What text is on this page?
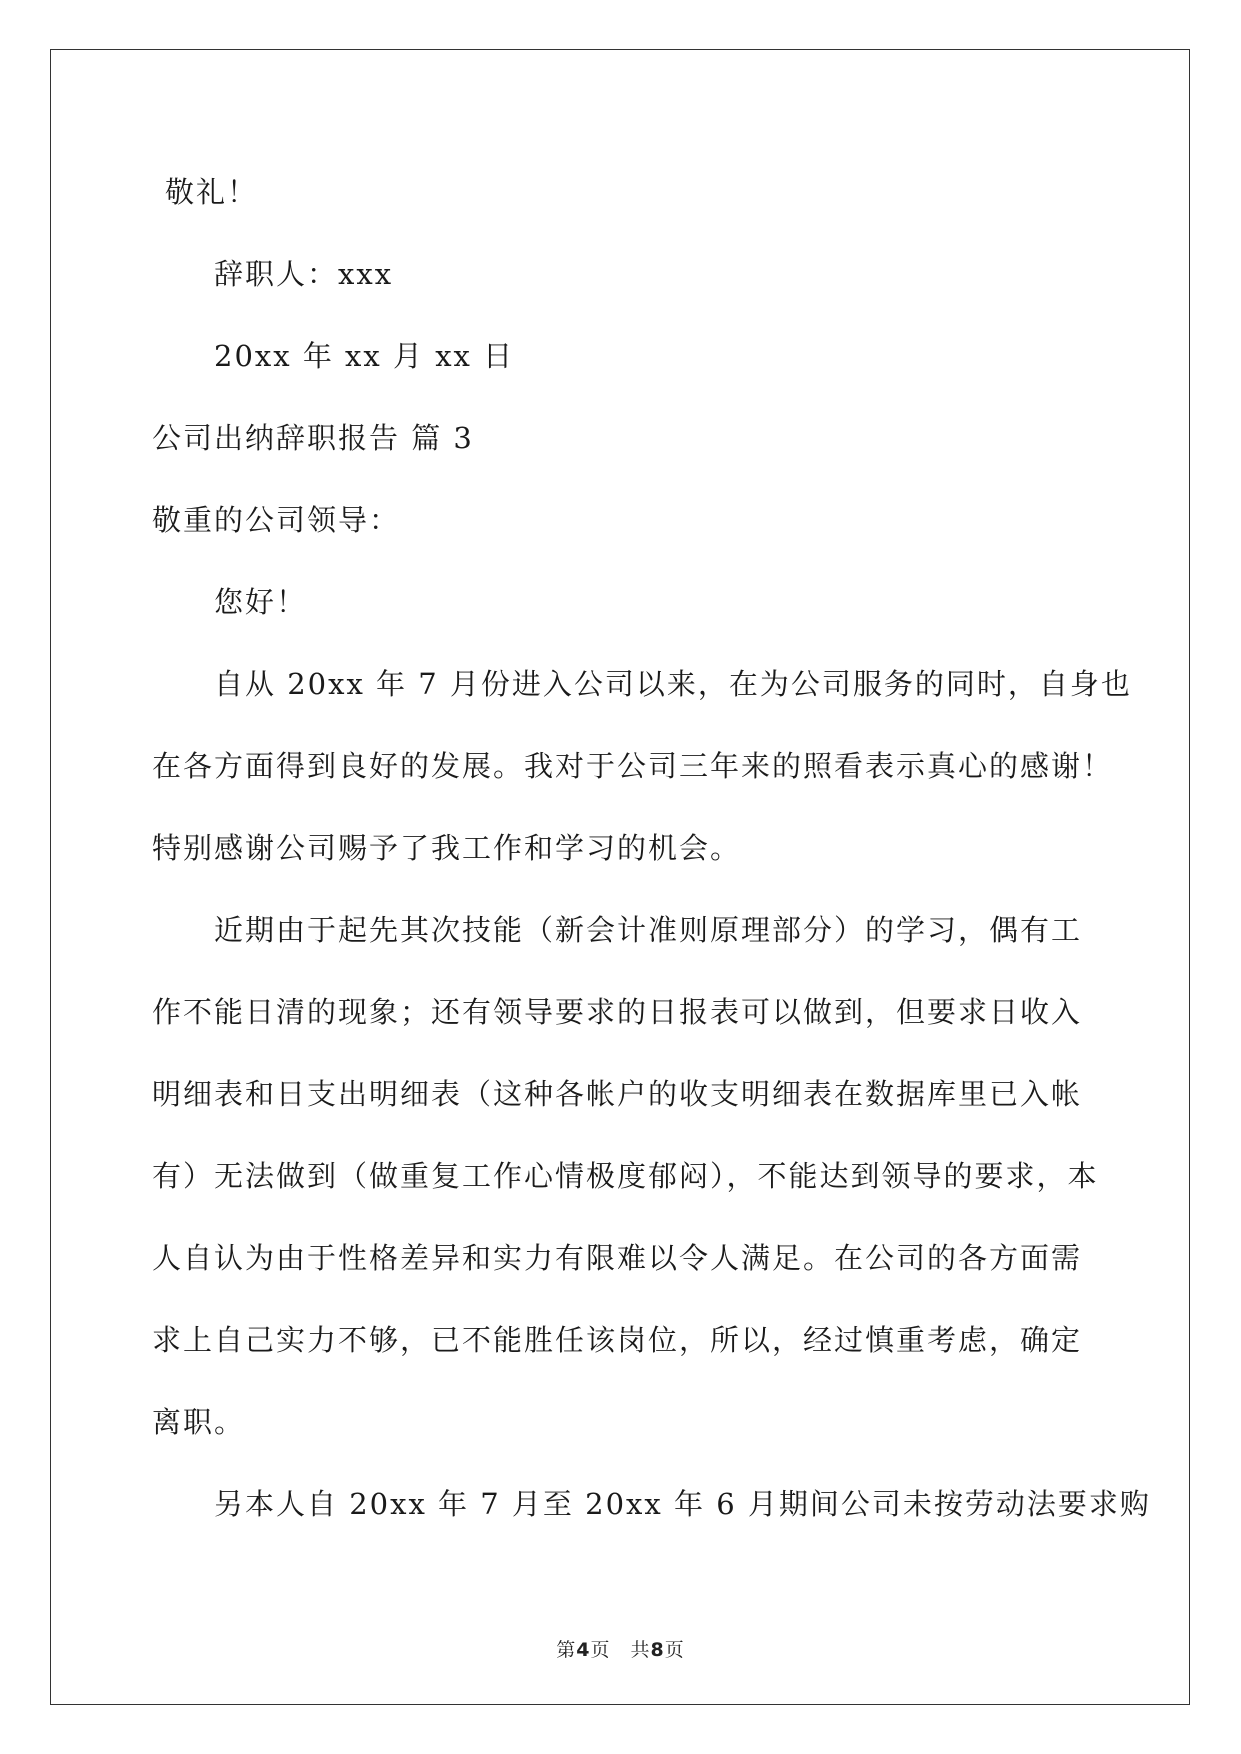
敬礼！
辞职人：xxx
20xx 年 xx 月 xx 日
公司出纳辞职报告 篇 3
敬重的公司领导：
您好！
自从 20xx 年 7 月份进入公司以来，在为公司服务的同时，自身也
在各方面得到良好的发展。我对于公司三年来的照看表示真心的感谢！
特别感谢公司赐予了我工作和学习的机会。
近期由于起先其次技能（新会计准则原理部分）的学习，偶有工
作不能日清的现象；还有领导要求的日报表可以做到，但要求日收入
明细表和日支出明细表（这种各帐户的收支明细表在数据库里已入帐
有）无法做到（做重复工作心情极度郁闷），不能达到领导的要求，本
人自认为由于性格差异和实力有限难以令人满足。在公司的各方面需
求上自己实力不够，已不能胜任该岗位，所以，经过慎重考虑，确定
离职。
另本人自 20xx 年 7 月至 20xx 年 6 月期间公司未按劳动法要求购
第4页　共8页
